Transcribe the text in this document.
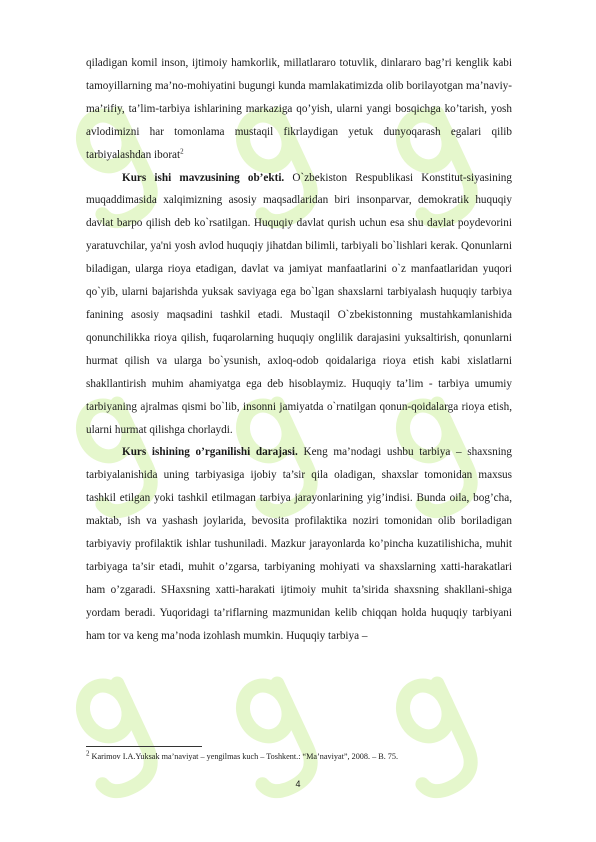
qiladigan komil inson, ijtimoiy hamkorlik, millatlararo totuvlik, dinlararo bag’ri kenglik kabi tamoyillarning ma’no-mohiyatini bugungi kunda mamlakatimizda olib borilayotgan ma’naviy-ma’rifiy, ta’lim-tarbiya ishlarining markaziga qo’yish, ularni yangi bosqichga ko’tarish, yosh avlodimizni har tomonlama mustaqil fikrlaydigan yetuk dunyoqarash egalari qilib tarbiyalashdan iborat$^2$

Kurs ishi mavzusining ob’ekti. O`zbekiston Respublikasi Konstitut-siyasining muqaddimasida xalqimizning asosiy maqsadlaridan biri insonparvar, demokratik huquqiy davlat barpo qilish deb ko`rsatilgan. Huquqiy davlat qurish uchun esa shu davlat poydevorini yaratuvchilar, ya'ni yosh avlod huquqiy jihatdan bilimli, tarbiyali bo`lishlari kerak. Qonunlarni biladigan, ularga rioya etadigan, davlat va jamiyat manfaatlarini o`z manfaatlaridan yuqori qo`yib, ularni bajarishda yuksak saviyaga ega bo`lgan shaxslarni tarbiyalash huquqiy tarbiya fanining asosiy maqsadini tashkil etadi. Mustaqil O`zbekistonning mustahkamlanishida qonunchilikka rioya qilish, fuqarolarning huquqiy onglilik darajasini yuksaltirish, qonunlarni hurmat qilish va ularga bo`ysunish, axloq-odob qoidalariga rioya etish kabi xislatlarni shakllantirish muhim ahamiyatga ega deb hisoblaymiz. Huquqiy ta’lim - tarbiya umumiy tarbiyaning ajralmas qismi bo`lib, insonni jamiyatda o`rnatilgan qonun-qoidalarga rioya etish, ularni hurmat qilishga chorlaydi.

Kurs ishining o’rganilishi darajasi. Keng ma’nodagi ushbu tarbiya – shaxsning tarbiyalanishida uning tarbiyasiga ijobiy ta’sir qila oladigan, shaxslar tomonidan maxsus tashkil etilgan yoki tashkil etilmagan tarbiya jarayonlarining yig’indisi. Bunda oila, bog’cha, maktab, ish va yashash joylarida, bevosita profilaktika noziri tomonidan olib boriladigan tarbiyaviy profilaktik ishlar tushuniladi. Mazkur jarayonlarda ko’pincha kuzatilishicha, muhit tarbiyaga ta’sir etadi, muhit o’zgarsa, tarbiyaning mohiyati va shaxslarning xatti-harakatlari ham o’zgaradi. SHaxsning xatti-harakati ijtimoiy muhit ta’sirida shaxsning shakllani-shiga yordam beradi. Yuqoridagi ta’riflarning mazmunidan kelib chiqqan holda huquqiy tarbiyani ham tor va keng ma’noda izohlash mumkin. Huquqiy tarbiya –

$^2$ Karimov I.A.Yuksak ma’naviyat – yengilmas kuch – Toshkent.: “Ma’naviyat”, 2008. – B. 75.
4
